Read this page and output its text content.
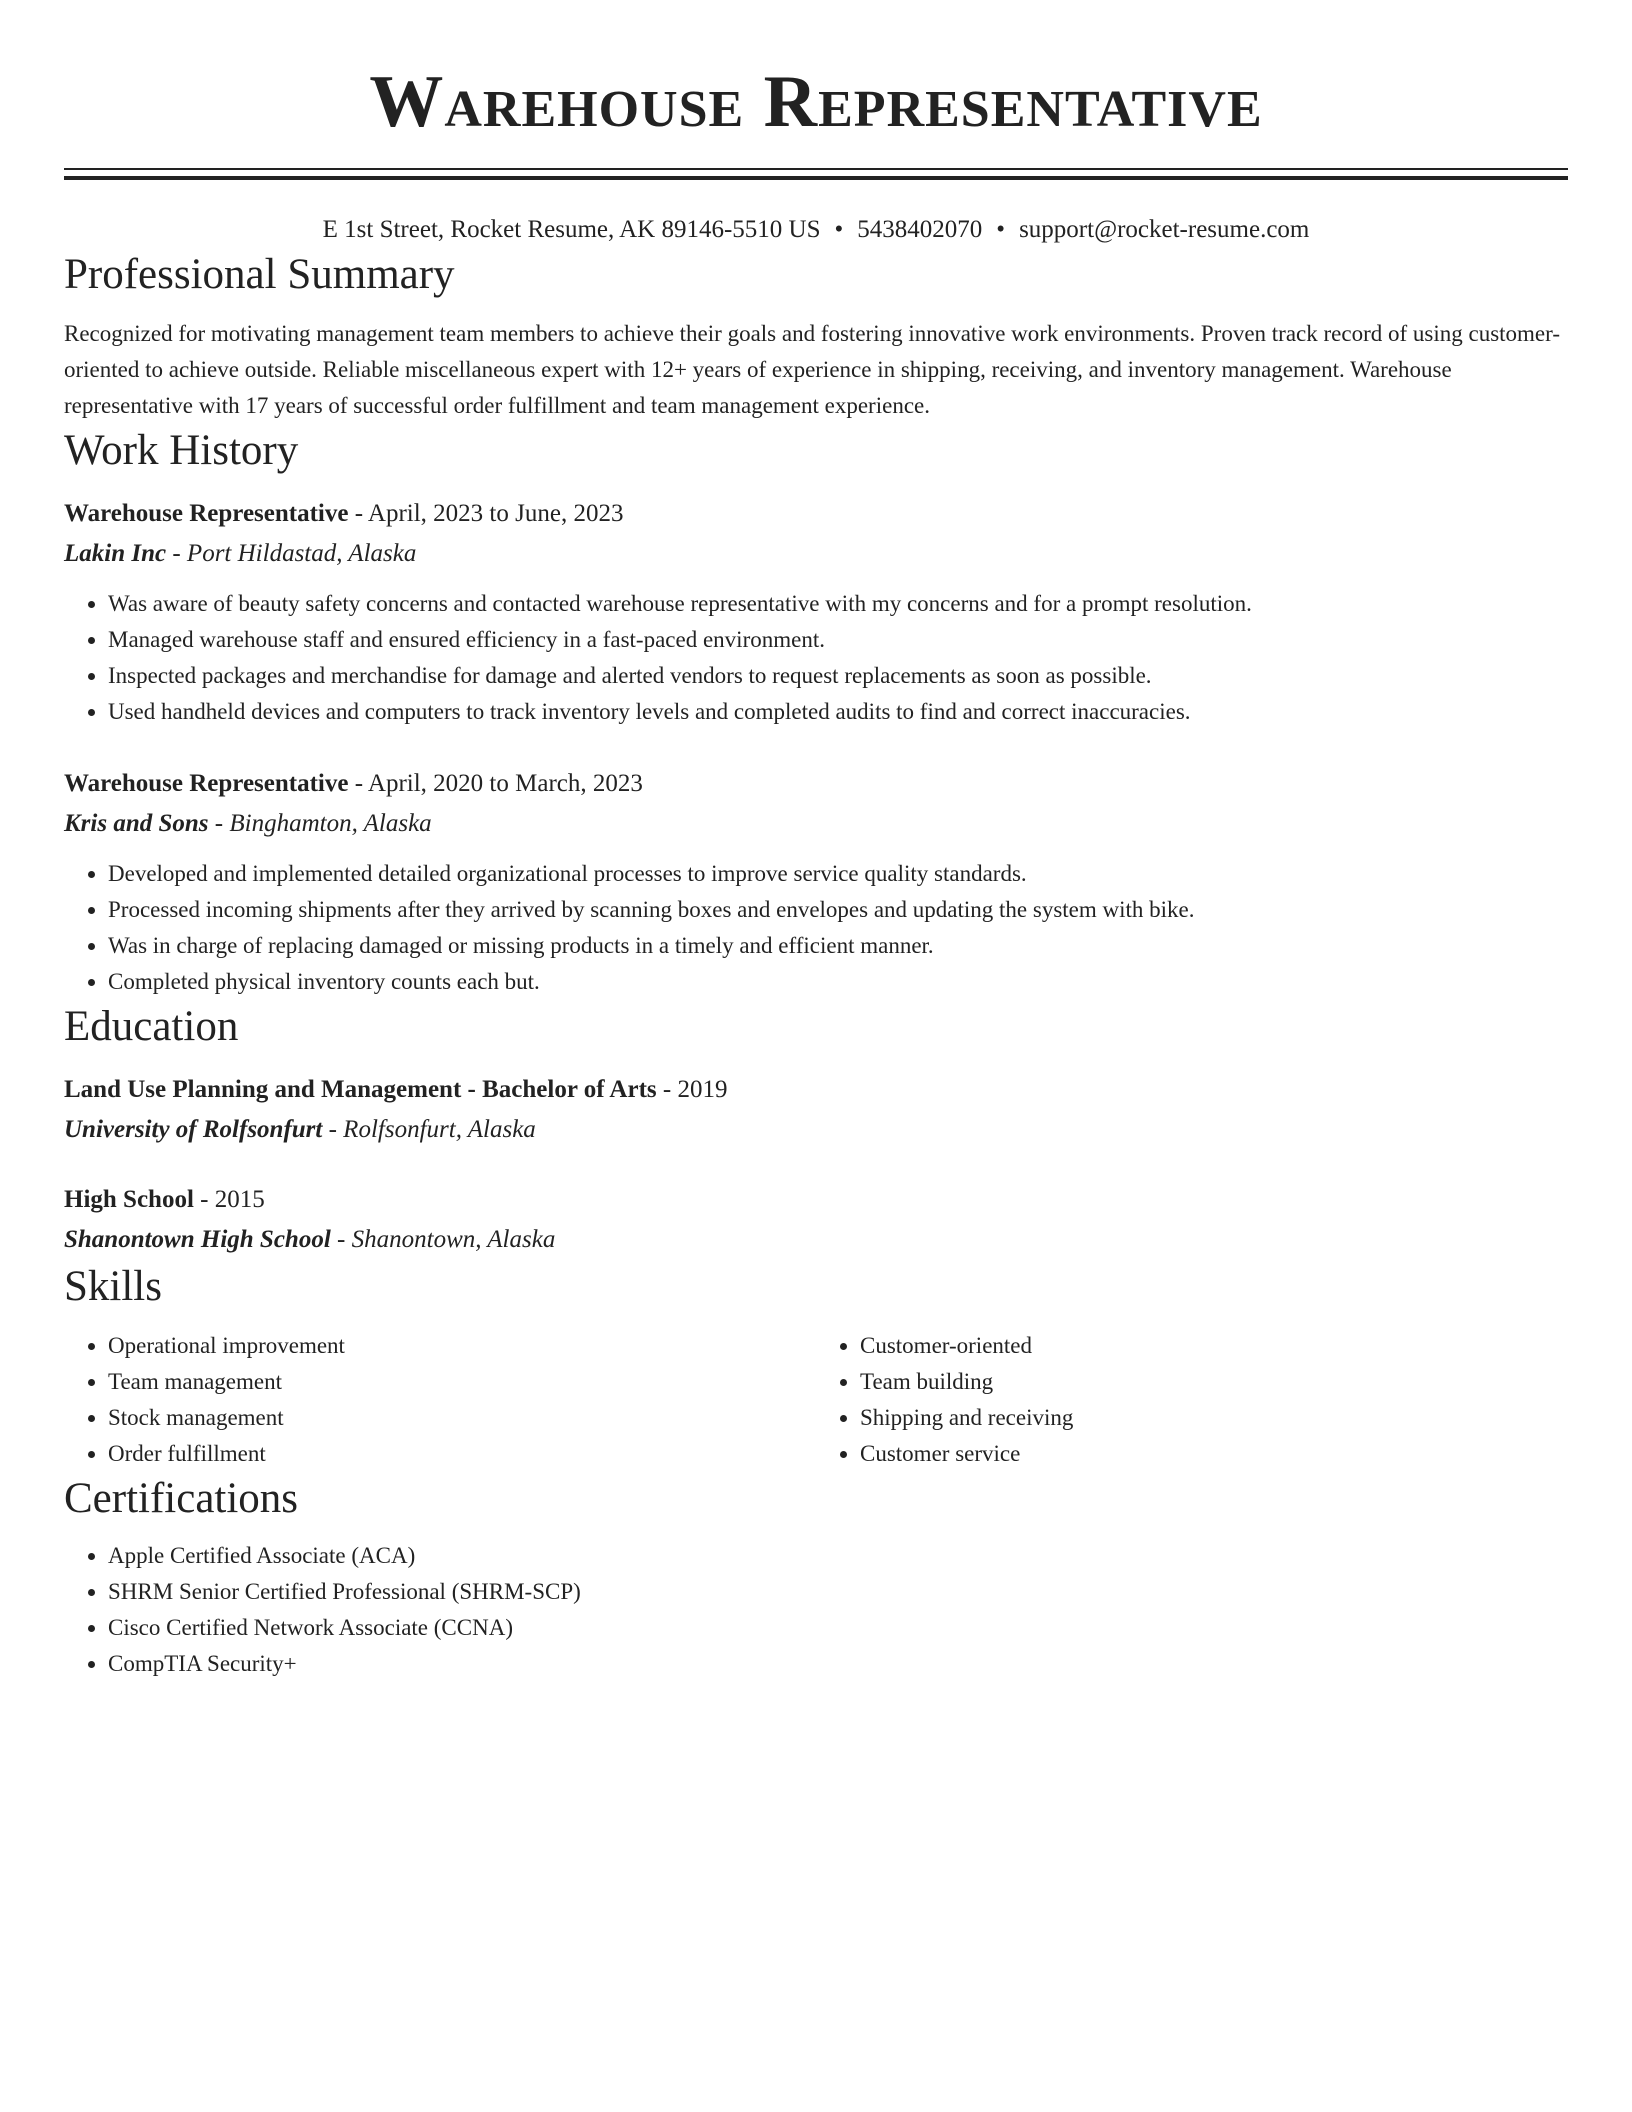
Warehouse Representative
E 1st Street, Rocket Resume, AK 89146-5510 US • 5438402070 • support@rocket-resume.com
Professional Summary
Recognized for motivating management team members to achieve their goals and fostering innovative work environments. Proven track record of using customer-oriented to achieve outside. Reliable miscellaneous expert with 12+ years of experience in shipping, receiving, and inventory management. Warehouse representative with 17 years of successful order fulfillment and team management experience.
Work History
Warehouse Representative - April, 2023 to June, 2023
Lakin Inc - Port Hildastad, Alaska
• Was aware of beauty safety concerns and contacted warehouse representative with my concerns and for a prompt resolution.
• Managed warehouse staff and ensured efficiency in a fast-paced environment.
• Inspected packages and merchandise for damage and alerted vendors to request replacements as soon as possible.
• Used handheld devices and computers to track inventory levels and completed audits to find and correct inaccuracies.
Warehouse Representative - April, 2020 to March, 2023
Kris and Sons - Binghamton, Alaska
• Developed and implemented detailed organizational processes to improve service quality standards.
• Processed incoming shipments after they arrived by scanning boxes and envelopes and updating the system with bike.
• Was in charge of replacing damaged or missing products in a timely and efficient manner.
• Completed physical inventory counts each but.
Education
Land Use Planning and Management - Bachelor of Arts - 2019
University of Rolfsonfurt - Rolfsonfurt, Alaska
High School - 2015
Shanontown High School - Shanontown, Alaska
Skills
• Operational improvement
• Team management
• Stock management
• Order fulfillment
• Customer-oriented
• Team building
• Shipping and receiving
• Customer service
Certifications
• Apple Certified Associate (ACA)
• SHRM Senior Certified Professional (SHRM-SCP)
• Cisco Certified Network Associate (CCNA)
• CompTIA Security+
